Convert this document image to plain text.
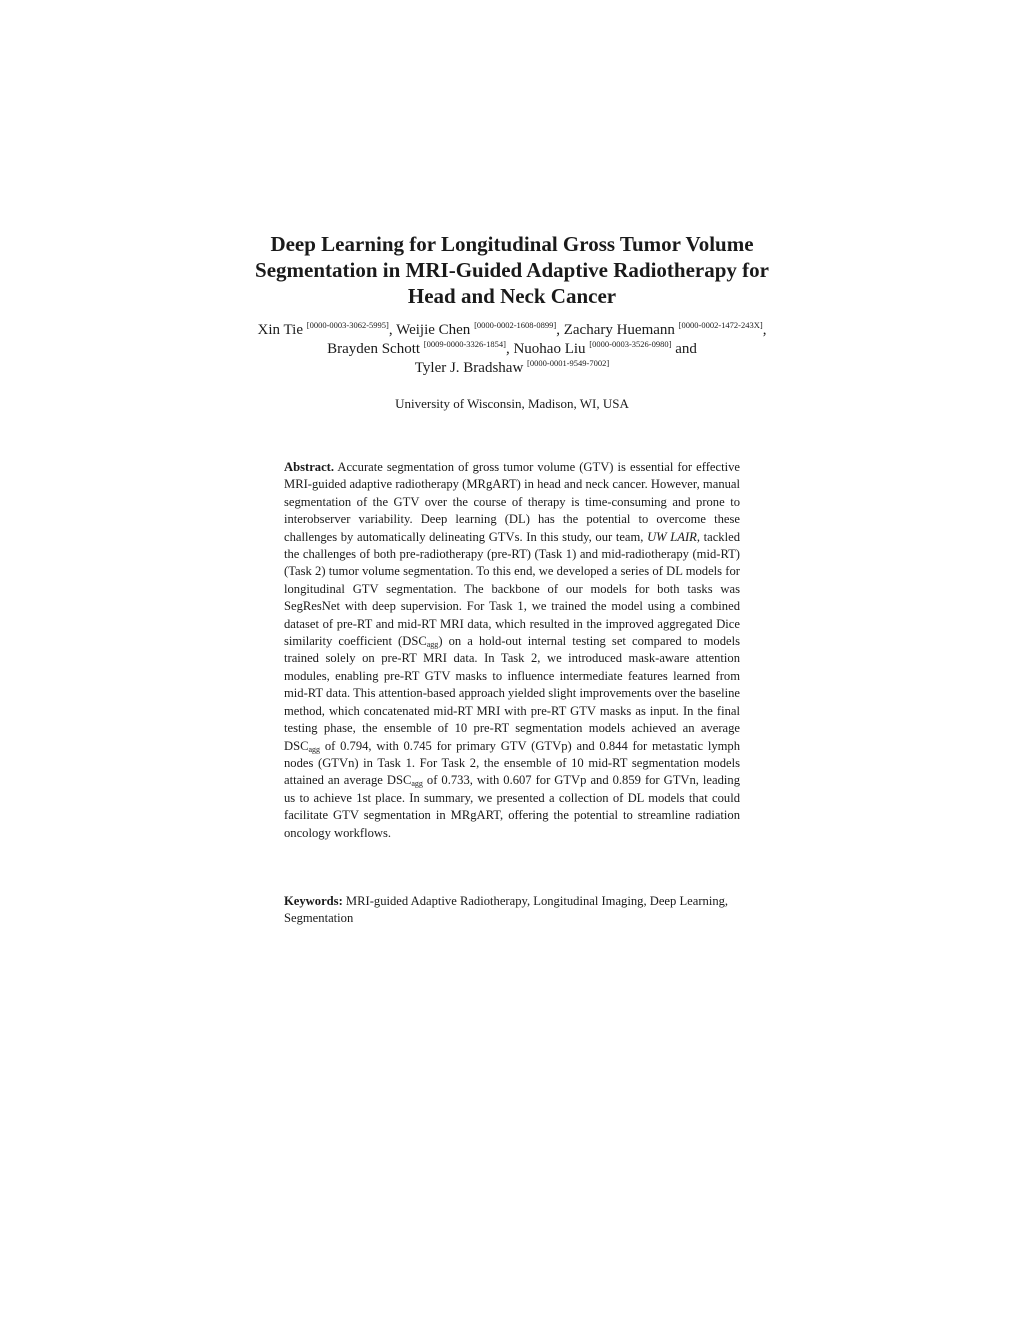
Deep Learning for Longitudinal Gross Tumor Volume Segmentation in MRI-Guided Adaptive Radiotherapy for Head and Neck Cancer

Xin Tie [0000-0003-3062-5995], Weijie Chen [0000-0002-1608-0899], Zachary Huemann [0000-0002-1472-243X], Brayden Schott [0009-0000-3326-1854], Nuohao Liu [0000-0003-3526-0980] and
Tyler J. Bradshaw [0000-0001-9549-7002]

University of Wisconsin, Madison, WI, USA

Abstract. Accurate segmentation of gross tumor volume (GTV) is essential for effective MRI-guided adaptive radiotherapy (MRgART) in head and neck cancer. However, manual segmentation of the GTV over the course of therapy is time-consuming and prone to interobserver variability. Deep learning (DL) has the potential to overcome these challenges by automatically delineating GTVs. In this study, our team, UW LAIR, tackled the challenges of both pre-radiotherapy (pre-RT) (Task 1) and mid-radiotherapy (mid-RT) (Task 2) tumor volume segmentation. To this end, we developed a series of DL models for longitudinal GTV segmentation. The backbone of our models for both tasks was SegResNet with deep supervision. For Task 1, we trained the model using a combined dataset of pre-RT and mid-RT MRI data, which resulted in the improved aggregated Dice similarity coefficient $(DSC_{agg})$ on a hold-out internal testing set compared to models trained solely on pre-RT MRI data. In Task 2, we introduced mask-aware attention modules, enabling pre-RT GTV masks to influence intermediate features learned from mid-RT data. This attention-based approach yielded slight improvements over the baseline method, which concatenated mid-RT MRI with pre-RT GTV masks as input. In the final testing phase, the ensemble of 10 pre-RT segmentation models achieved an average $DSC_{agg}$ of 0.794, with 0.745 for primary GTV (GTVp) and 0.844 for metastatic lymph nodes (GTVn) in Task 1. For Task 2, the ensemble of 10 mid-RT segmentation models attained an average $DSC_{agg}$ of 0.733, with 0.607 for GTVp and 0.859 for GTVn, leading us to achieve 1st place. In summary, we presented a collection of DL models that could facilitate GTV segmentation in MRgART, offering the potential to streamline radiation oncology workflows.

Keywords: MRI-guided Adaptive Radiotherapy, Longitudinal Imaging, Deep Learning, Segmentation
